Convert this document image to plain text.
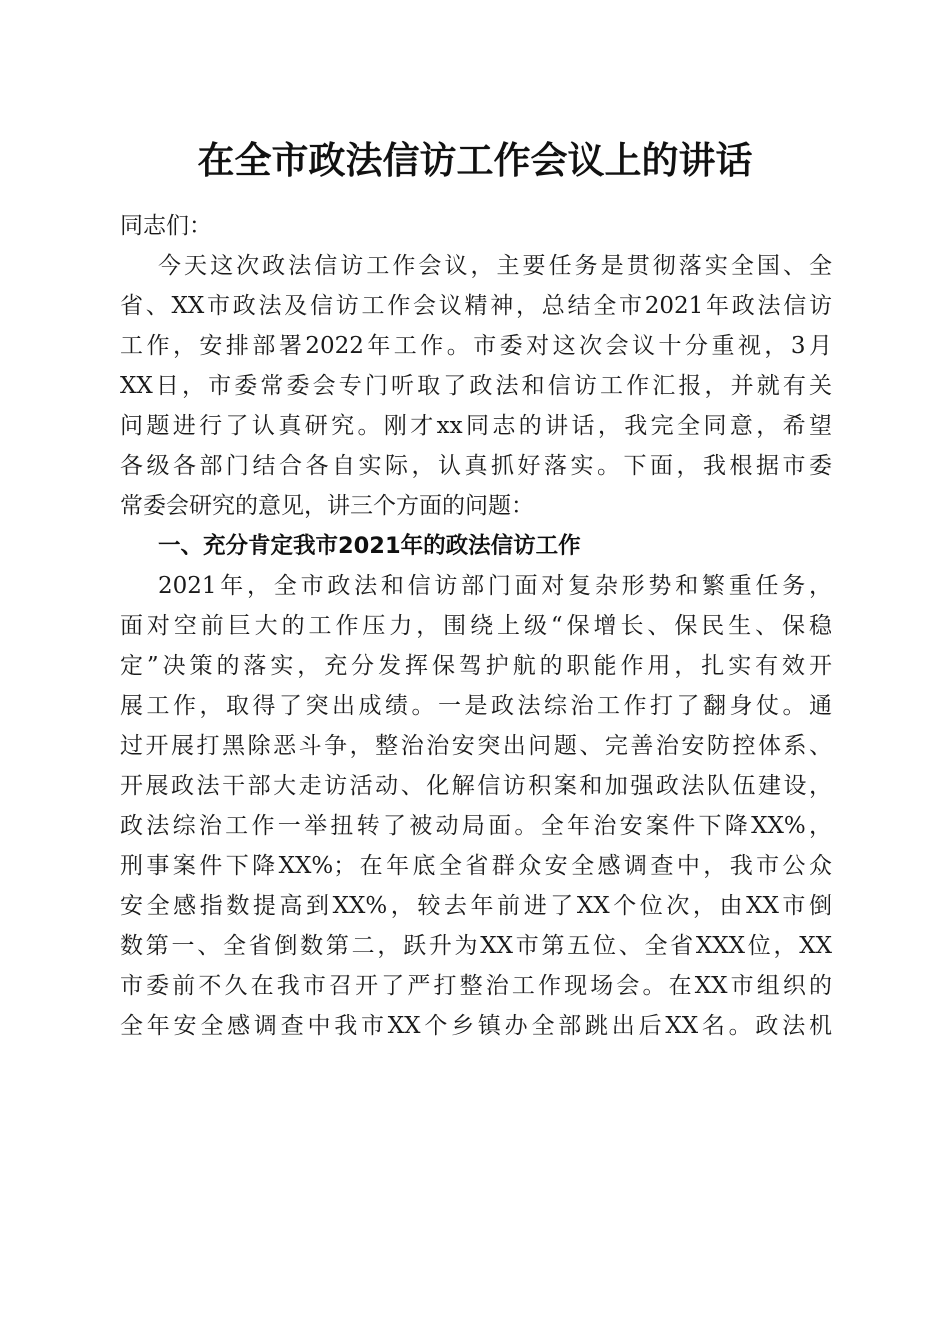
在全市政法信访工作会议上的讲话
同志们：
今天这次政法信访工作会议，主要任务是贯彻落实全国、全
省、XX市政法及信访工作会议精神，总结全市2021年政法信访
工作，安排部署2022年工作。市委对这次会议十分重视，3月
XX日，市委常委会专门听取了政法和信访工作汇报，并就有关
问题进行了认真研究。刚才xx同志的讲话，我完全同意，希望
各级各部门结合各自实际，认真抓好落实。下面，我根据市委
常委会研究的意见，讲三个方面的问题：
一、充分肯定我市2021年的政法信访工作
2021年，全市政法和信访部门面对复杂形势和繁重任务，
面对空前巨大的工作压力，围绕上级“保增长、保民生、保稳
定”决策的落实，充分发挥保驾护航的职能作用，扎实有效开
展工作，取得了突出成绩。一是政法综治工作打了翻身仗。通
过开展打黑除恶斗争，整治治安突出问题、完善治安防控体系、
开展政法干部大走访活动、化解信访积案和加强政法队伍建设，
政法综治工作一举扭转了被动局面。全年治安案件下降XX%，
刑事案件下降XX%；在年底全省群众安全感调查中，我市公众
安全感指数提高到XX%，较去年前进了XX个位次，由XX市倒
数第一、全省倒数第二，跃升为XX市第五位、全省XXX位，XX
市委前不久在我市召开了严打整治工作现场会。在XX市组织的
全年安全感调查中我市XX个乡镇办全部跳出后XX名。政法机
